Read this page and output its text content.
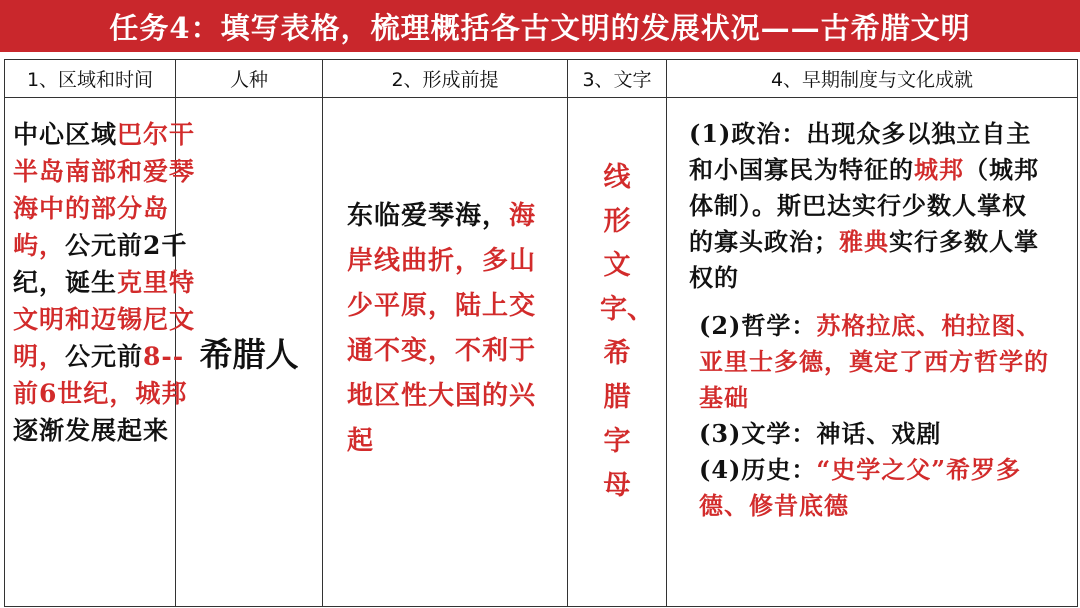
任务4：填写表格，梳理概括各古文明的发展状况——古希腊文明
1、区域和时间	人种	2、形成前提	3、文字	4、早期制度与文化成就

中心区域巴尔干半岛南部和爱琴海中的部分岛屿，公元前2千纪，诞生克里特文明和迈锡尼文明，公元前8--前6世纪，城邦逐渐发展起来	希腊人	东临爱琴海，海岸线曲折，多山少平原，陆上交通不变，不利于地区性大国的兴起	线形文字、希腊字母	(1)政治：出现众多以独立自主和小国寡民为特征的城邦（城邦体制）。斯巴达实行少数人掌权的寡头政治；雅典实行多数人掌权的
(2)哲学：苏格拉底、柏拉图、亚里士多德，奠定了西方哲学的基础
(3)文学：神话、戏剧
(4)历史：“史学之父”希罗多德、修昔底德
